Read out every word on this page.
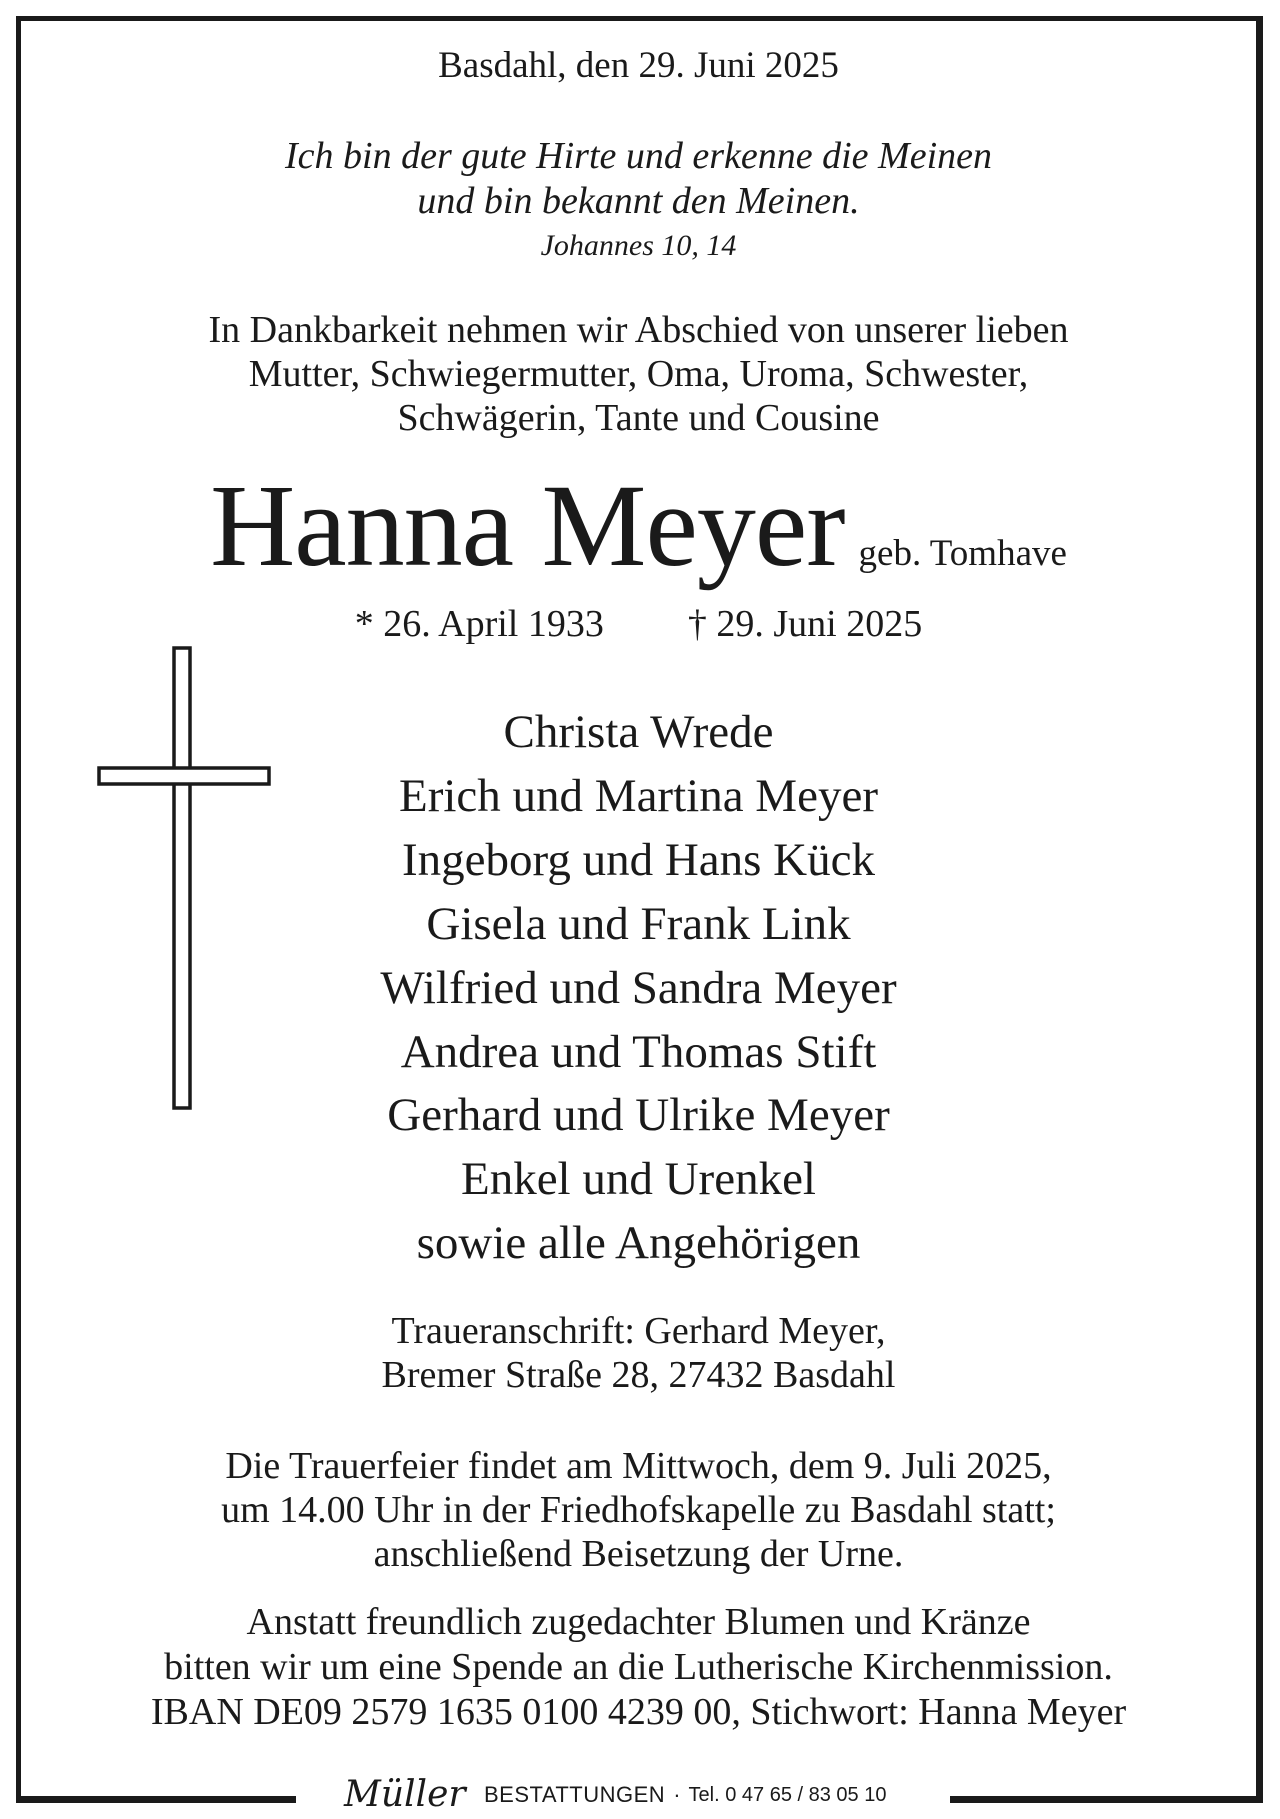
Basdahl, den 29. Juni 2025
Ich bin der gute Hirte und erkenne die Meinen
und bin bekannt den Meinen.
Johannes 10, 14
In Dankbarkeit nehmen wir Abschied von unserer lieben
Mutter, Schwiegermutter, Oma, Uroma, Schwester,
Schwägerin, Tante und Cousine
Hanna Meyer geb. Tomhave
* 26. April 1933 † 29. Juni 2025
Christa Wrede
Erich und Martina Meyer
Ingeborg und Hans Kück
Gisela und Frank Link
Wilfried und Sandra Meyer
Andrea und Thomas Stift
Gerhard und Ulrike Meyer
Enkel und Urenkel
sowie alle Angehörigen
Traueranschrift: Gerhard Meyer,
Bremer Straße 28, 27432 Basdahl
Die Trauerfeier findet am Mittwoch, dem 9. Juli 2025,
um 14.00 Uhr in der Friedhofskapelle zu Basdahl statt;
anschließend Beisetzung der Urne.
Anstatt freundlich zugedachter Blumen und Kränze
bitten wir um eine Spende an die Lutherische Kirchenmission.
IBAN DE09 2579 1635 0100 4239 00, Stichwort: Hanna Meyer
Müller BESTATTUNGEN · Tel. 0 47 65 / 83 05 10
